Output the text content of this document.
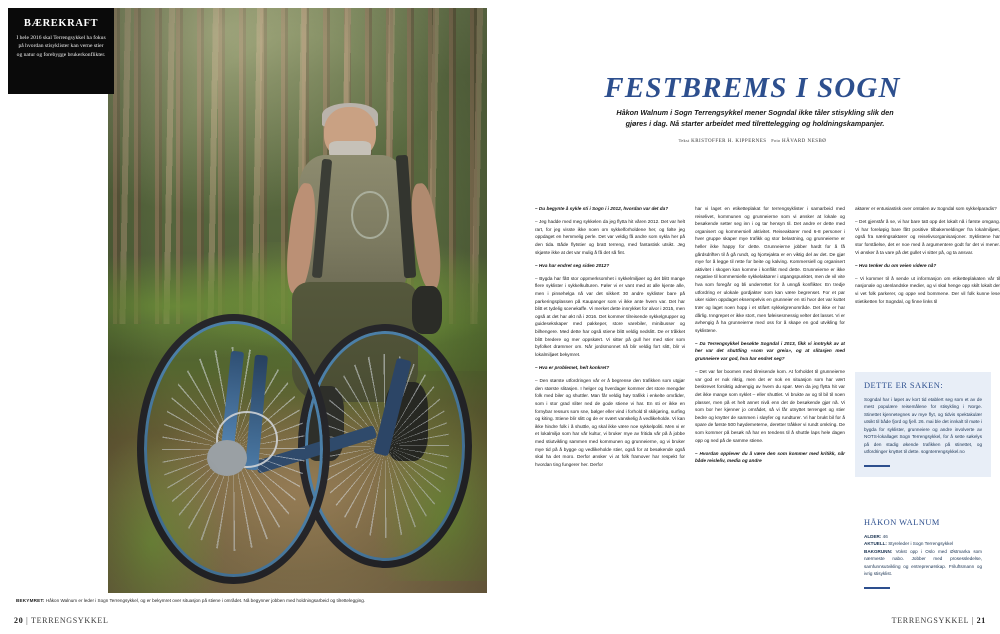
BÆREKRAFT
I hele 2016 skal Terrengsykkel ha fokus på hvordan stisyklister kan verne stier og natur og forebygge brukerkonflikter.
BEKYMRET: Håkon Walnum er leder i Sogn Terrengsykkel, og er bekymret over situasjon på stiene i området. Nå begynner jobben med holdningsarbeid og tilrettelegging.
20 | TERRENGSYKKEL
FESTBREMS I SOGN
Håkon Walnum i Sogn Terrengsykkel mener Sogndal ikke tåler stisykling slik den gjøres i dag. Nå starter arbeidet med tilrettelegging og holdningskampanjer.
Tekst KRISTOFFER H. KIPPERNES Foto HÅVARD NESBØ

– Du begynte å sykle sti i Sogn i i 2012, hvordan var det da?

– Jeg hadde med meg sykkelen da jeg flytta hit våren 2012. Det var helt rart, for jeg visste ikke noen om sykkelforholdene her, og følte jeg oppdaget en hemmelig perle. Det var veldig få andre som sykla her på den tida. Både flytstier og bratt terreng, med fantastisk utsikt. Jeg skjønte ikke at det var mulig å få det så fint.

– Hva har endret seg siden 2012?

– Bygda har fått stor oppmerksomhet i sykkelmiljøer og det blitt mange flere syklister i sykkelkulturen. Føler vi er vant med at alle kjente alle, men i pinsehelga nå var det sikkert 30 andre syklister bare på parkeringsplassen på Kaupanger som vi ikke ante hvem var. Det har blitt et tydelig scenekaffe. Vi merket dette innrykket for alvor i 2015, men også at det har økt nå i 2016. Det kommer tilreisende sykkelgrupper og guidesekskaper med pakkeper, store varebiler, minibusser og bilhengere. Med dette har også stiene blitt veldig nedslitt. De er tråkket blitt bredere og mer oppskært. Vi sitter på gull her med stier som byfolket drømmer om. Når jordsmonnet nå blir veldig fort slitt, blir vi lokalmiljøet bekymret.

– Hva er problemet, helt konkret?

– Den største utfordringen vår er å begrense den trafikken som utgjør den største slitasjen. I helger og hverdager kommer det store mengder folk med biler og shuttler. Man får veldig høy trafikk i enkelte områder, som i stor grad sliter ned de gode stiene vi har. En sti er ikke en fornybar ressurs som sne, bølger eller vind i forhold til skikjøring, surfing og kiting. Stiene blir slitt og de er svært vanskelig å vedlikeholde. Vi kan ikke hindre folk i å shuttle, og skal ikke være noe sykkelpoliti. Men vi er et lokalmiljø som har vår kultur, vi bruker mye av fritida vår på å jobbe med stiutvikling sammen med kommunen og grunneierne, og vi bruker mye tid på å bygge og vedlikeholde stier, også for at besøkende også skal ha det moro. Derfor ønsker vi at folk framover har respekt for hvordan ting fungerer her. Derfor

har vi laget en etiketteplakat for terrengsyklister i samarbeid med reiselivet, kommunen og grunneierne som vi ønsker at lokale og besøkende setter seg inn i og tar hensyn til. Det andre er dette med organisert og kommersiell aktivitet. Reiseaktører med 6-8 personer i hver gruppe skaper mye trafikk og stor belastning, og grunneierne er heller ikke happy for dette. Grunneierne jobber hardt for å få gårdsdriften til å gå rundt, og hjortejakta er en viktig del av det. De gjør mye for å legge til rette for beite og kalving. Kommersiell og organisert aktivitet i skogen kan komme i konflikt med dette. Grunneierne er ikke negative til kommersielle sykkelaktører i utgangspunktet, men de vil vite hva som foregår og bli underrettet for å unngå konflikter. En tredje utfordring er ulokale gordjakter som kan være begrenset. For et par uker siden oppdaget eksempelvis en grunneier en sti hvor det var kuttet trær og laget noen hopp i et stiført sykkelgrenområde. Det ikke er har dårlig. Inngrepet er ikke stort, men føleisesmessig velter det lasset. Vi er avhengig å ha grunneierne med oss for å skape en god utvikling for syklistene.

– Da Terrengsykkel besøkte Sogndal i 2013, fikk vi inntrykk av at her var det shuttling «som var greia», og at slitasjen med grunneiere var god, hva har endret seg?

– Det var før boomen med tilreisende kom. At forholdet til grunneierne var god er nok riktig, men det er nok en situasjon som har vært beskrevet forsiktig adnengig av hvem du spør. Men da jeg flytta hit var det ikke mange som syklet – eller shuttlet. Vi brukte av og til bil til noen plasser, men på et helt annet nivå enn det de besøkende gjør nå. Vi som bor her kjenner jo området, så vi får utnyttet terrenget og stier bedre og knytter de sammen i sløyfer og rundturer. Vi har brukt bil for å spare de første 500 høydemeterne, deretter tråkker vi rundt omkring. De som kommer på besøk nå har en tendens til å shuttle laps hele dagen opp og ned på de samme stiene.

– Hvordan opplever du å være den som kommer med kritikk, når både reisleliv, media og andre

aktører er entusiastisk over omtalen av Sogndal som sykkelparadis?

– Det gjenstår å se, vi har bare tatt opp det lokalt nå i første omgang. Vi har foreløpig bare fått positive tilbakemeldinger fra lokalmiljøet, også fra næringsaktører og reiselivsorganisasjoner. Syklistene har stor forståelse, det er noe med å argumentere godt for det vi mener. Vi ønsker å ta vare på det gullet vi sitter på, og ta ansvar.

– Hva tenker du om veien videre nå?

– Vi kommer til å sende ut informasjon om etiketteplakaten vår til nasjonale og utenlandske medier, og vi skal henge opp skilt lokalt der vi vet folk parkerer, og oppe ved bommene. Der vil folk kunne lese stietiketten for Sogndal, og finne links til

DETTE ER SAKEN:
Sogndal har i løpet av kort tid etablert seg som et av de mest populære reisemålene for stisykling i Norge. Stinettet kjennetegnes av mye flyt, og tidvis spektakulær utsikt til både fjord og fjell. 26. mai ble det innkalt til møte i bygda for syklister, grunneiere og andre involverte av NOTS-lokallaget Sogn Terrengsykkel, for å sette søkelys på den stadig økende trafikken på stinettet, og utfordringer knyttet til dette. sognterrengsykkel.no
HÅKON WALNUM
ALDER: 46
AKTUELL: Styreleder i Sogn Terrengsykkel
BAKGRUNN: Vokst opp i Oslo med Østmarka som nærmeste nabo. Jobber med prosessledelse, samfunnsutvikling og entreprenørskap. Friluftsmann og ivrig stisyklist.
TERRENGSYKKEL | 21
